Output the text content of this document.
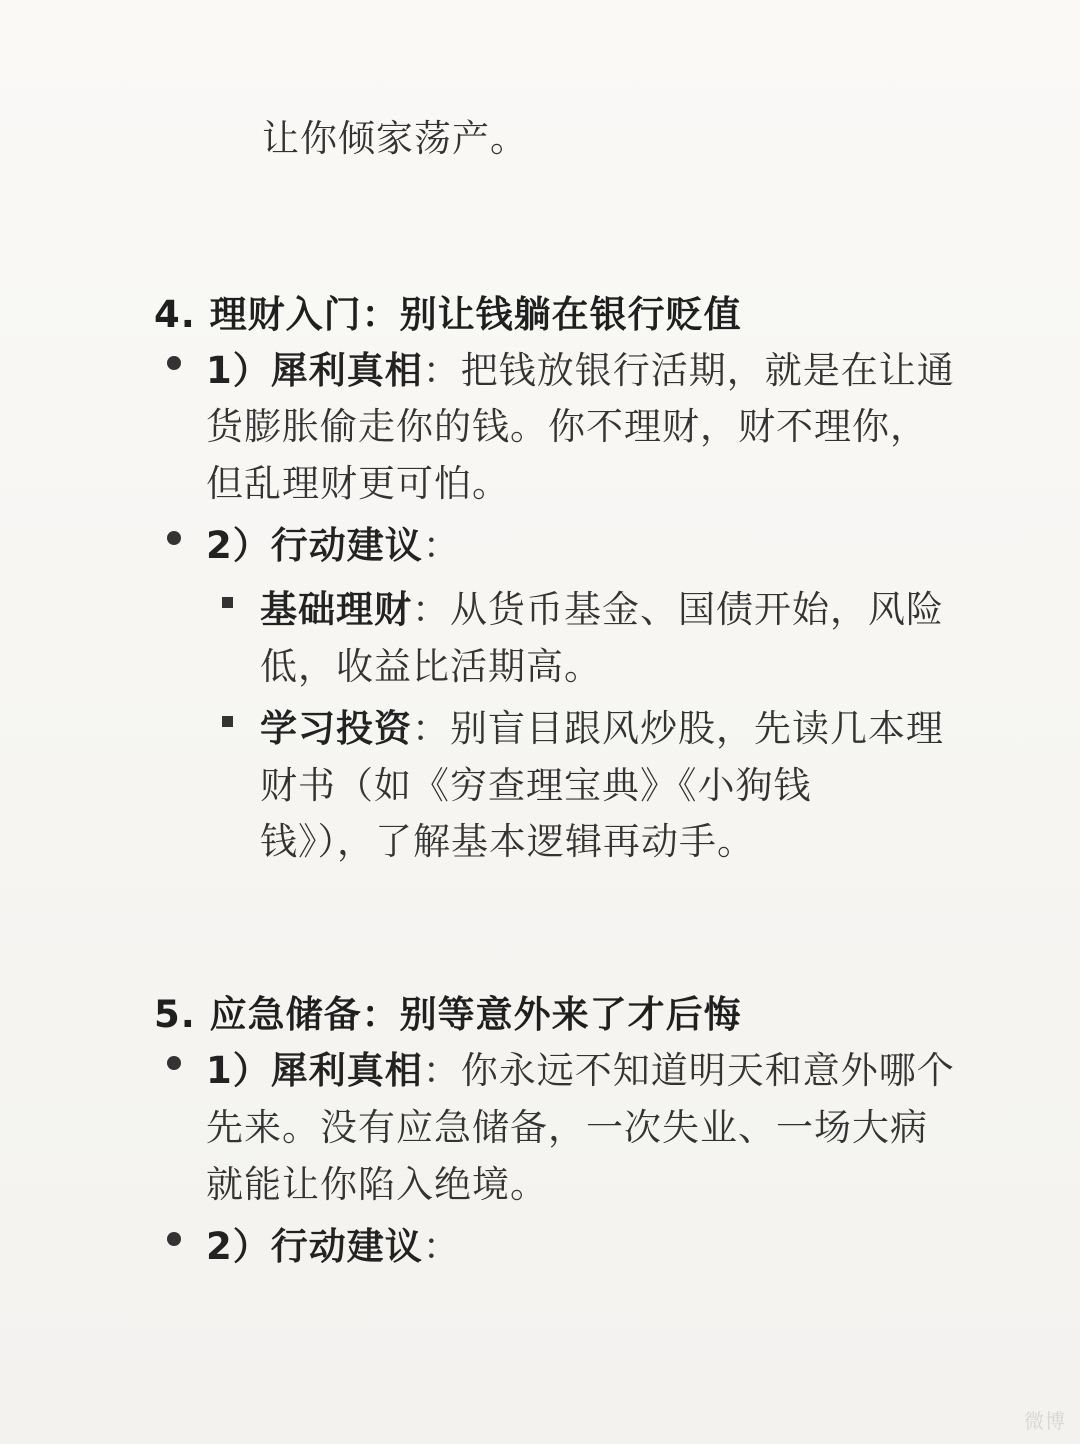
让你倾家荡产。
4. 理财入门：别让钱躺在银行贬值
1）犀利真相：把钱放银行活期，就是在让通
货膨胀偷走你的钱。你不理财，财不理你，
但乱理财更可怕。
2）行动建议：
基础理财：从货币基金、国债开始，风险
低，收益比活期高。
学习投资：别盲目跟风炒股，先读几本理
财书（如《穷查理宝典》《小狗钱
钱》），了解基本逻辑再动手。
5. 应急储备：别等意外来了才后悔
1）犀利真相：你永远不知道明天和意外哪个
先来。没有应急储备，一次失业、一场大病
就能让你陷入绝境。
2）行动建议：
微博
